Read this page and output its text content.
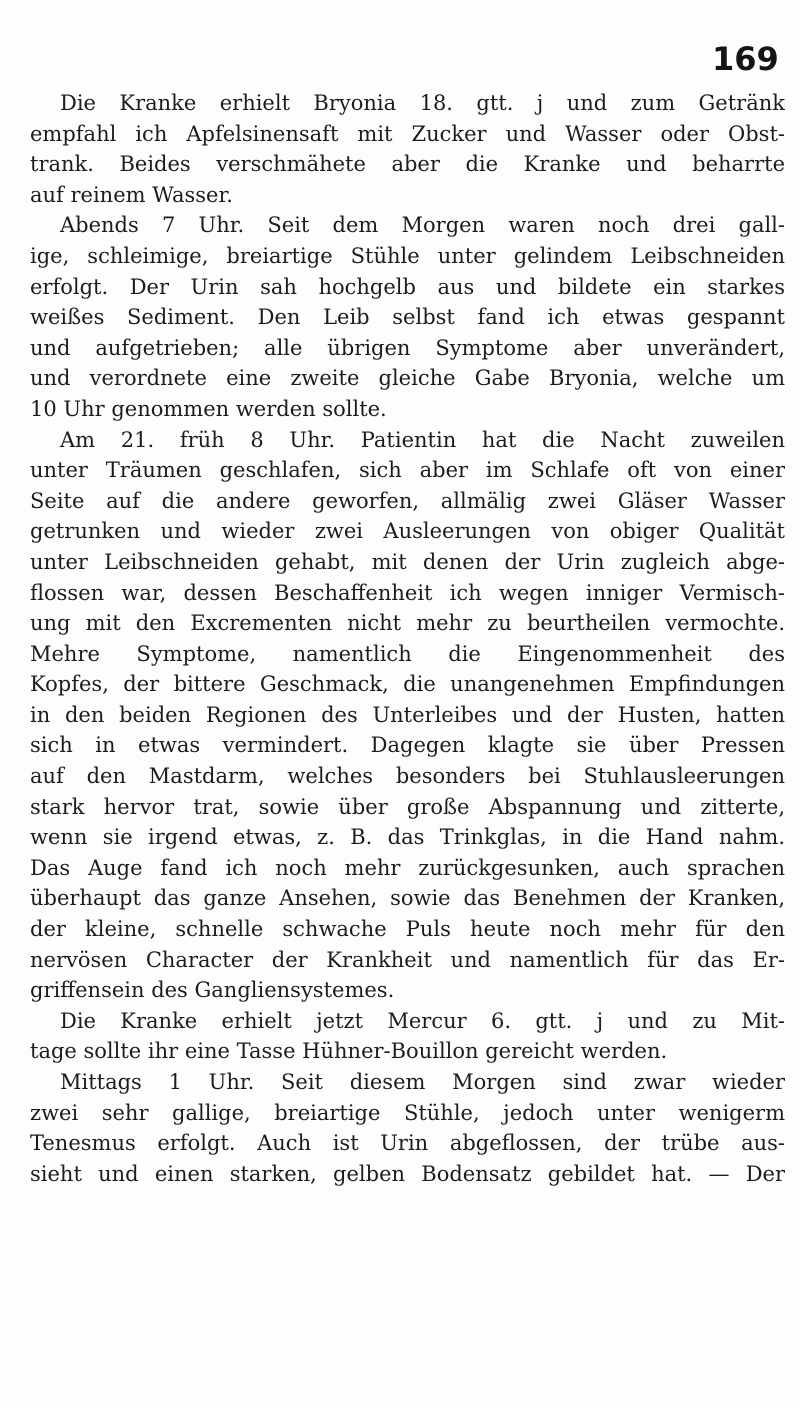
169
Die Kranke erhielt Bryonia 18. gtt. j und zum Getränk
empfahl ich Apfelsinensaft mit Zucker und Wasser oder Obst-
trank. Beides verschmähete aber die Kranke und beharrte
auf reinem Wasser.
Abends 7 Uhr. Seit dem Morgen waren noch drei gall-
ige, schleimige, breiartige Stühle unter gelindem Leibschneiden
erfolgt. Der Urin sah hochgelb aus und bildete ein starkes
weißes Sediment. Den Leib selbst fand ich etwas gespannt
und aufgetrieben; alle übrigen Symptome aber unverändert,
und verordnete eine zweite gleiche Gabe Bryonia, welche um
10 Uhr genommen werden sollte.
Am 21. früh 8 Uhr. Patientin hat die Nacht zuweilen
unter Träumen geschlafen, sich aber im Schlafe oft von einer
Seite auf die andere geworfen, allmälig zwei Gläser Wasser
getrunken und wieder zwei Ausleerungen von obiger Qualität
unter Leibschneiden gehabt, mit denen der Urin zugleich abge-
flossen war, dessen Beschaffenheit ich wegen inniger Vermisch-
ung mit den Excrementen nicht mehr zu beurtheilen vermochte.
Mehre Symptome, namentlich die Eingenommenheit des
Kopfes, der bittere Geschmack, die unangenehmen Empfindungen
in den beiden Regionen des Unterleibes und der Husten, hatten
sich in etwas vermindert. Dagegen klagte sie über Pressen
auf den Mastdarm, welches besonders bei Stuhlausleerungen
stark hervor trat, sowie über große Abspannung und zitterte,
wenn sie irgend etwas, z. B. das Trinkglas, in die Hand nahm.
Das Auge fand ich noch mehr zurückgesunken, auch sprachen
überhaupt das ganze Ansehen, sowie das Benehmen der Kranken,
der kleine, schnelle schwache Puls heute noch mehr für den
nervösen Character der Krankheit und namentlich für das Er-
griffensein des Gangliensystemes.
Die Kranke erhielt jetzt Mercur 6. gtt. j und zu Mit-
tage sollte ihr eine Tasse Hühner-Bouillon gereicht werden.
Mittags 1 Uhr. Seit diesem Morgen sind zwar wieder
zwei sehr gallige, breiartige Stühle, jedoch unter wenigerm
Tenesmus erfolgt. Auch ist Urin abgeflossen, der trübe aus-
sieht und einen starken, gelben Bodensatz gebildet hat. — Der
